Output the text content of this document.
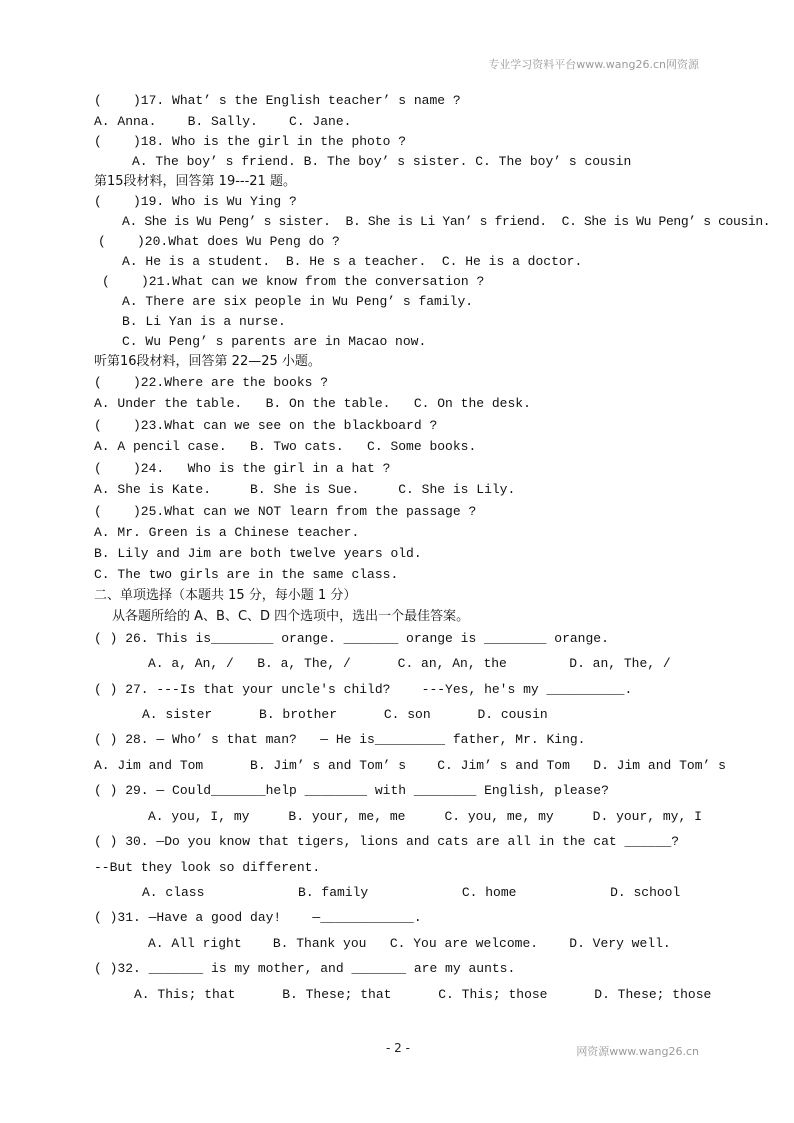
专业学习资料平台www.wang26.cn网资源
(    )17. What’ s the English teacher’ s name ?
A. Anna.    B. Sally.    C. Jane.
(    )18. Who is the girl in the photo ?
A. The boy’ s friend. B. The boy’ s sister. C. The boy’ s cousin
第15段材料，回答第 19---21 题。
(    )19. Who is Wu Ying ?
A. She is Wu Peng’ s sister.  B. She is Li Yan’ s friend.  C. She is Wu Peng’ s cousin.
(    )20.What does Wu Peng do ?
A. He is a student.  B. He s a teacher.  C. He is a doctor.
(    )21.What can we know from the conversation ?
A. There are six people in Wu Peng’ s family.
B. Li Yan is a nurse.
C. Wu Peng’ s parents are in Macao now.
听第16段材料，回答第 22—25 小题。
(    )22.Where are the books ?
A. Under the table.   B. On the table.   C. On the desk.
(    )23.What can we see on the blackboard ?
A. A pencil case.   B. Two cats.   C. Some books.
(    )24.   Who is the girl in a hat ?
A. She is Kate.     B. She is Sue.     C. She is Lily.
(    )25.What can we NOT learn from the passage ?
A. Mr. Green is a Chinese teacher.
B. Lily and Jim are both twelve years old.
C. The two girls are in the same class.
二、单项选择（本题共 15 分，每小题 1 分）
从各题所给的 A、B、C、D 四个选项中，选出一个最佳答案。
( ) 26. This is________ orange. _______ orange is ________ orange.
A. a, An, /   B. a, The, /      C. an, An, the        D. an, The, /
( ) 27. ---Is that your uncle's child?    ---Yes, he's my __________.
A. sister      B. brother      C. son      D. cousin
( ) 28. — Who’ s that man?   — He is_________ father, Mr. King.
A. Jim and Tom      B. Jim’ s and Tom’ s    C. Jim’ s and Tom   D. Jim and Tom’ s
( ) 29. — Could_______help ________ with ________ English, please?
A. you, I, my     B. your, me, me     C. you, me, my     D. your, my, I
( ) 30. —Do you know that tigers, lions and cats are all in the cat ______?
--But they look so different.
A. class            B. family            C. home            D. school
( )31. —Have a good day!    —____________.
A. All right    B. Thank you   C. You are welcome.    D. Very well.
( )32. _______ is my mother, and _______ are my aunts.
A. This; that      B. These; that      C. This; those      D. These; those
- 2 -	网资源www.wang26.cn
